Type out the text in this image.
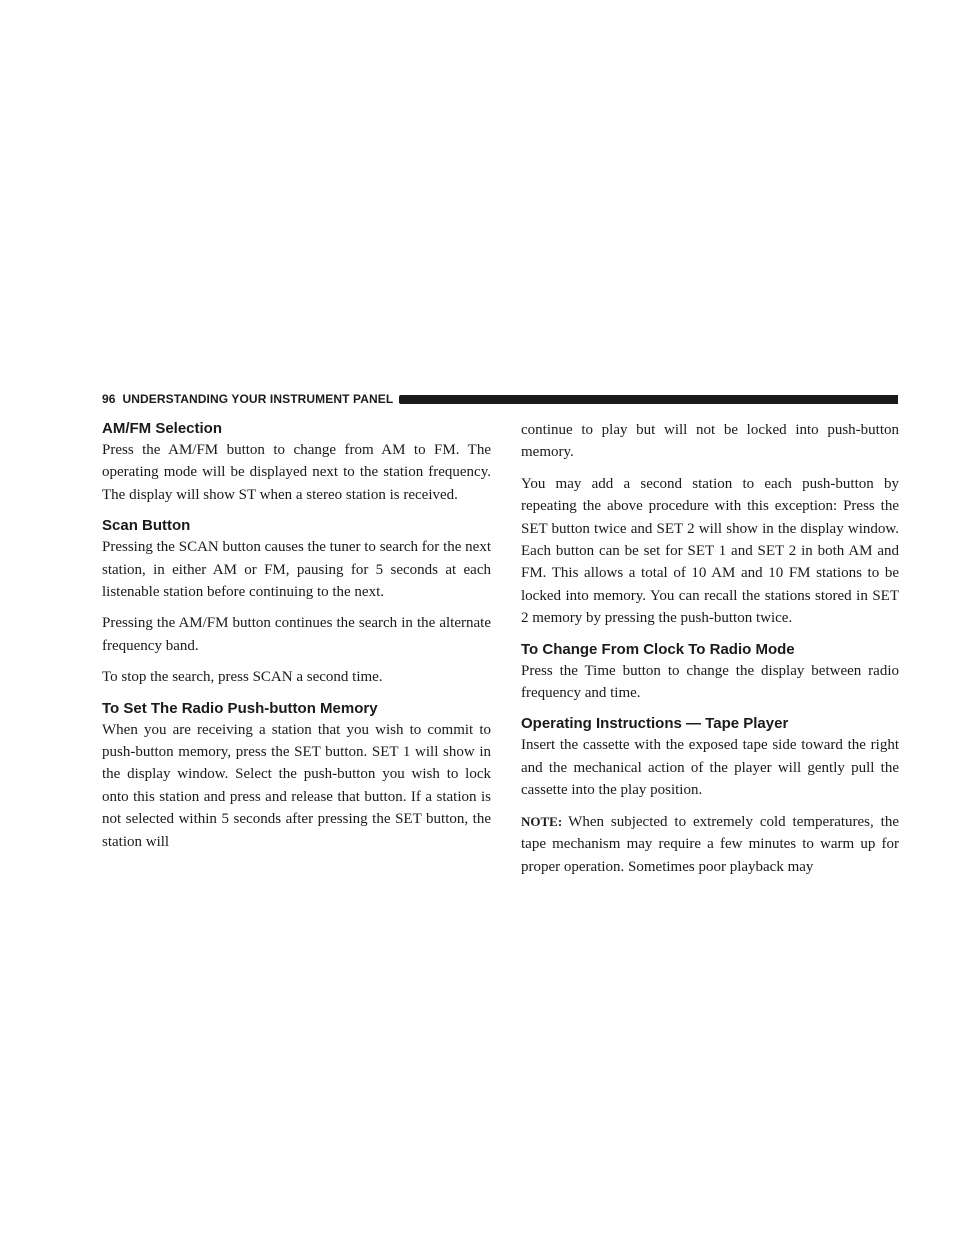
96
UNDERSTANDING YOUR INSTRUMENT PANEL
AM/FM Selection

Press the AM/FM button to change from AM to FM. The operating mode will be displayed next to the station frequency. The display will show ST when a stereo station is received.

Scan Button

Pressing the SCAN button causes the tuner to search for the next station, in either AM or FM, pausing for 5 seconds at each listenable station before continuing to the next.

Pressing the AM/FM button continues the search in the alternate frequency band.

To stop the search, press SCAN a second time.

To Set The Radio Push-button Memory

When you are receiving a station that you wish to commit to push-button memory, press the SET button. SET 1 will show in the display window. Select the push-button you wish to lock onto this station and press and release that button. If a station is not selected within 5 seconds after pressing the SET button, the station will

continue to play but will not be locked into push-button memory.

You may add a second station to each push-button by repeating the above procedure with this exception: Press the SET button twice and SET 2 will show in the display window. Each button can be set for SET 1 and SET 2 in both AM and FM. This allows a total of 10 AM and 10 FM stations to be locked into memory. You can recall the stations stored in SET 2 memory by pressing the push-button twice.

To Change From Clock To Radio Mode

Press the Time button to change the display between radio frequency and time.

Operating Instructions — Tape Player

Insert the cassette with the exposed tape side toward the right and the mechanical action of the player will gently pull the cassette into the play position.

NOTE: When subjected to extremely cold temperatures, the tape mechanism may require a few minutes to warm up for proper operation. Sometimes poor playback may
